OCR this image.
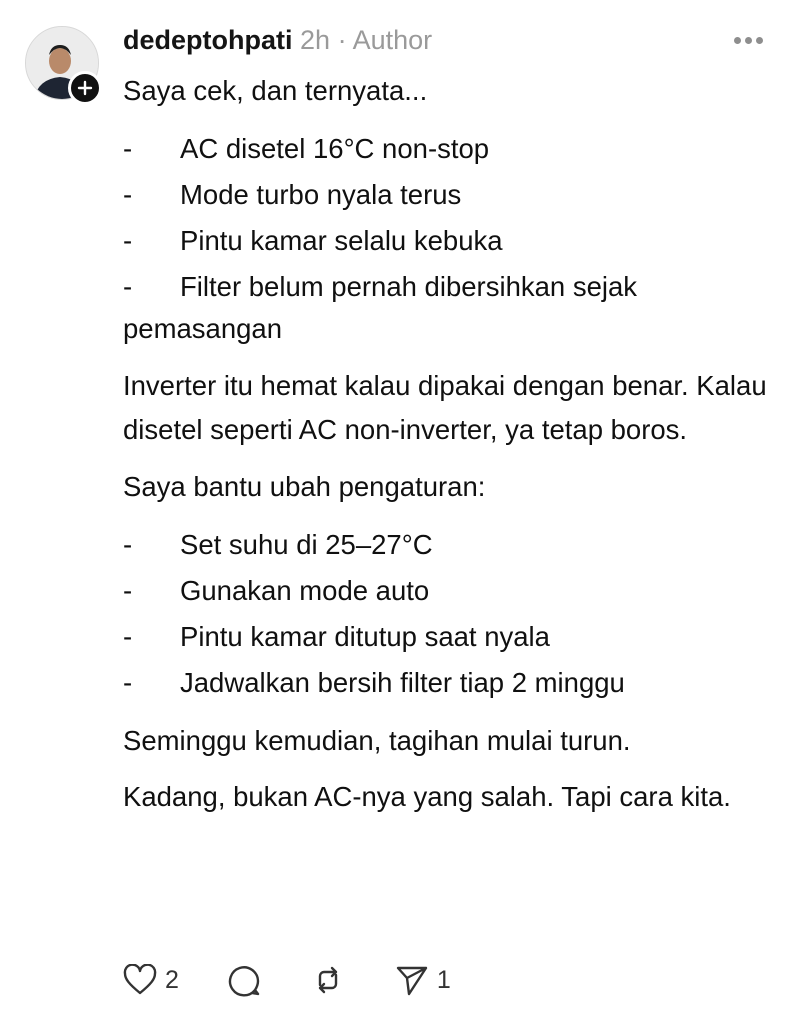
dedeptohpati 2h · Author

Saya cek, dan ternyata...

-	AC disetel 16°C non-stop
-	Mode turbo nyala terus
-	Pintu kamar selalu kebuka
-	Filter belum pernah dibersihkan sejak

pemasangan

Inverter itu hemat kalau dipakai dengan benar. Kalau disetel seperti AC non-inverter, ya tetap boros.

Saya bantu ubah pengaturan:

-	Set suhu di 25–27°C
-	Gunakan mode auto
-	Pintu kamar ditutup saat nyala
-	Jadwalkan bersih filter tiap 2 minggu

Seminggu kemudian, tagihan mulai turun.

Kadang, bukan AC-nya yang salah. Tapi cara kita.

2	1
